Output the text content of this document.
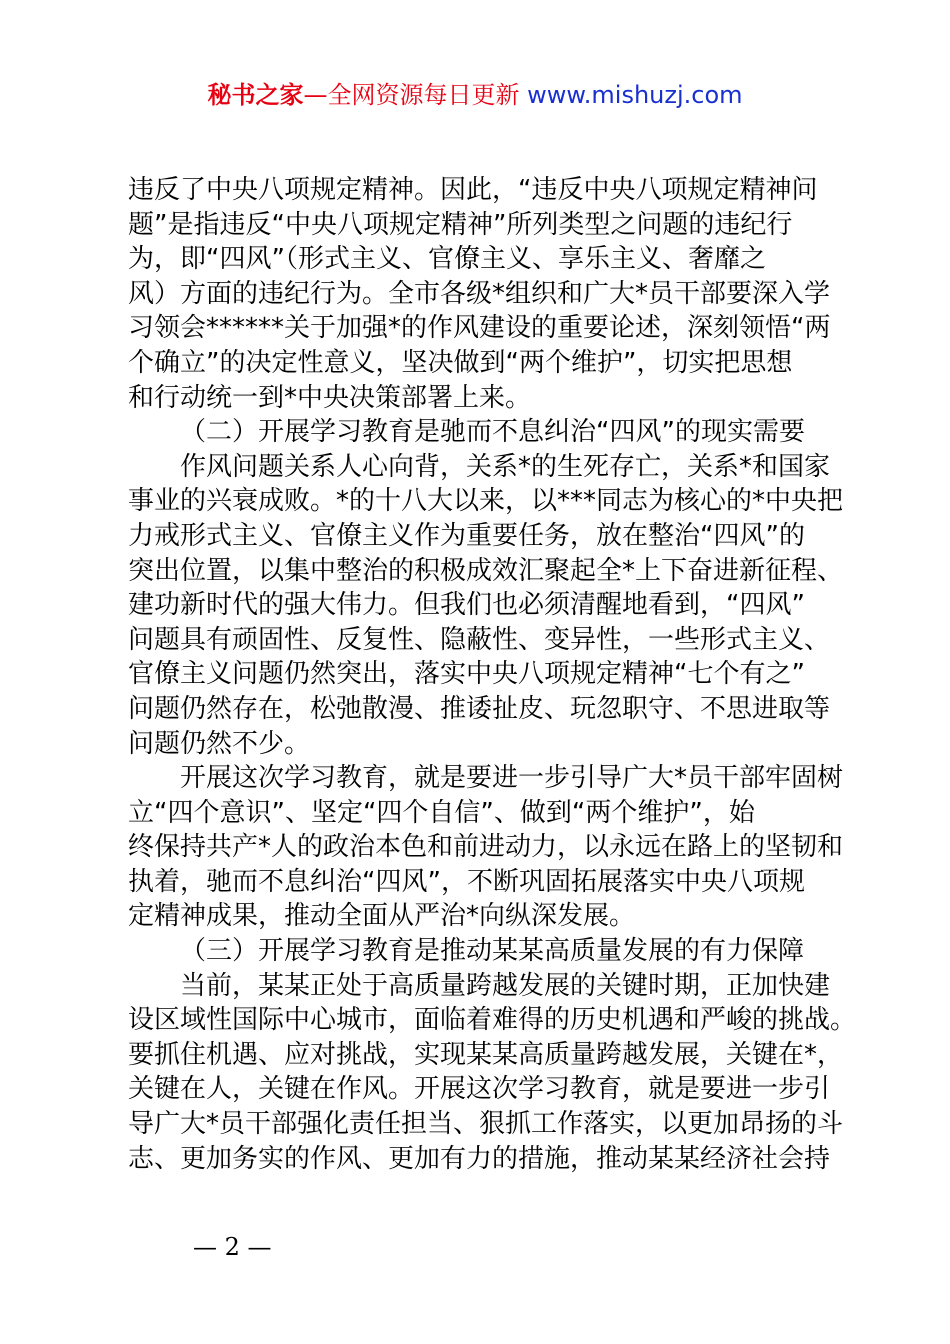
秘书之家—全网资源每日更新 www.mishuzj.com
违反了中央八项规定精神。因此，“违反中央八项规定精神问
题”是指违反“中央八项规定精神”所列类型之问题的违纪行
为，即“四风”（形式主义、官僚主义、享乐主义、奢靡之
风）方面的违纪行为。全市各级*组织和广大*员干部要深入学
习领会******关于加强*的作风建设的重要论述，深刻领悟“两
个确立”的决定性意义，坚决做到“两个维护”，切实把思想
和行动统一到*中央决策部署上来。
（二）开展学习教育是驰而不息纠治“四风”的现实需要
作风问题关系人心向背，关系*的生死存亡，关系*和国家
事业的兴衰成败。*的十八大以来，以***同志为核心的*中央把
力戒形式主义、官僚主义作为重要任务，放在整治“四风”的
突出位置，以集中整治的积极成效汇聚起全*上下奋进新征程、
建功新时代的强大伟力。但我们也必须清醒地看到，“四风”
问题具有顽固性、反复性、隐蔽性、变异性，一些形式主义、
官僚主义问题仍然突出，落实中央八项规定精神“七个有之”
问题仍然存在，松弛散漫、推诿扯皮、玩忽职守、不思进取等
问题仍然不少。
开展这次学习教育，就是要进一步引导广大*员干部牢固树
立“四个意识”、坚定“四个自信”、做到“两个维护”，始
终保持共产*人的政治本色和前进动力，以永远在路上的坚韧和
执着，驰而不息纠治“四风”，不断巩固拓展落实中央八项规
定精神成果，推动全面从严治*向纵深发展。
（三）开展学习教育是推动某某高质量发展的有力保障
当前，某某正处于高质量跨越发展的关键时期，正加快建
设区域性国际中心城市，面临着难得的历史机遇和严峻的挑战。
要抓住机遇、应对挑战，实现某某高质量跨越发展，关键在*，
关键在人，关键在作风。开展这次学习教育，就是要进一步引
导广大*员干部强化责任担当、狠抓工作落实，以更加昂扬的斗
志、更加务实的作风、更加有力的措施，推动某某经济社会持
— 2 —
